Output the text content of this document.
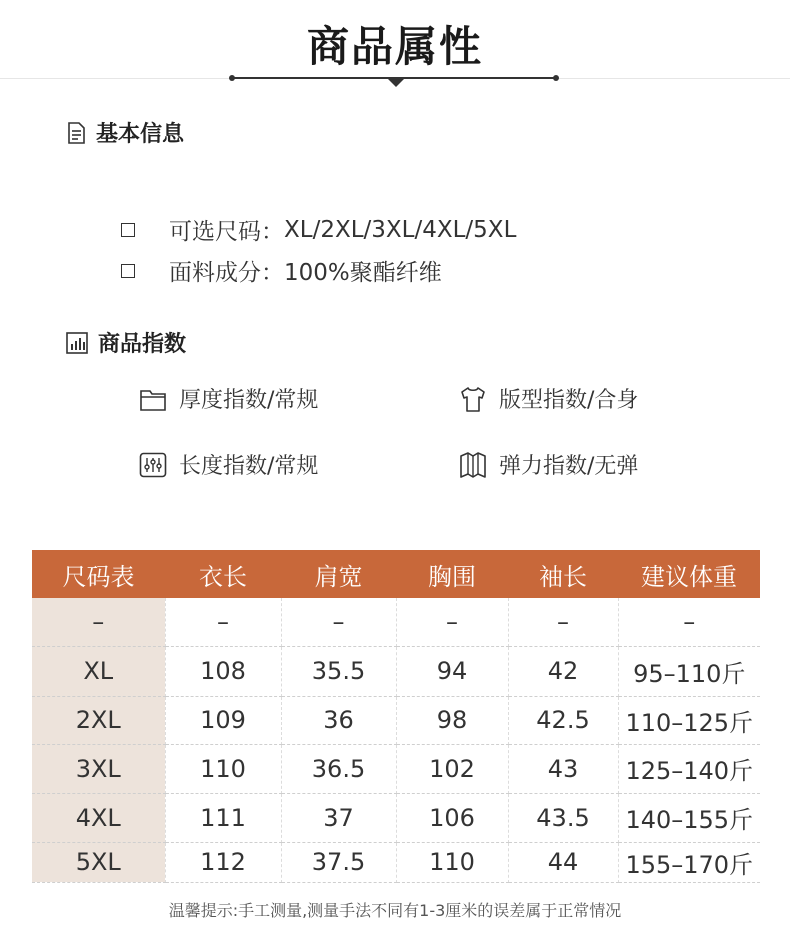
商品属性
基本信息
可选尺码： XL/2XL/3XL/4XL/5XL
面料成分： 100%聚酯纤维
商品指数
厚度指数/常规	版型指数/合身
长度指数/常规	弹力指数/无弹
尺码表	衣长	肩宽	胸围	袖长	建议体重
–	–	–	–	–	–
XL	108	35.5	94	42	95–110斤
2XL	109	36	98	42.5	110–125斤
3XL	110	36.5	102	43	125–140斤
4XL	111	37	106	43.5	140–155斤
5XL	112	37.5	110	44	155–170斤
温馨提示:手工测量,测量手法不同有1-3厘米的误差属于正常情况
